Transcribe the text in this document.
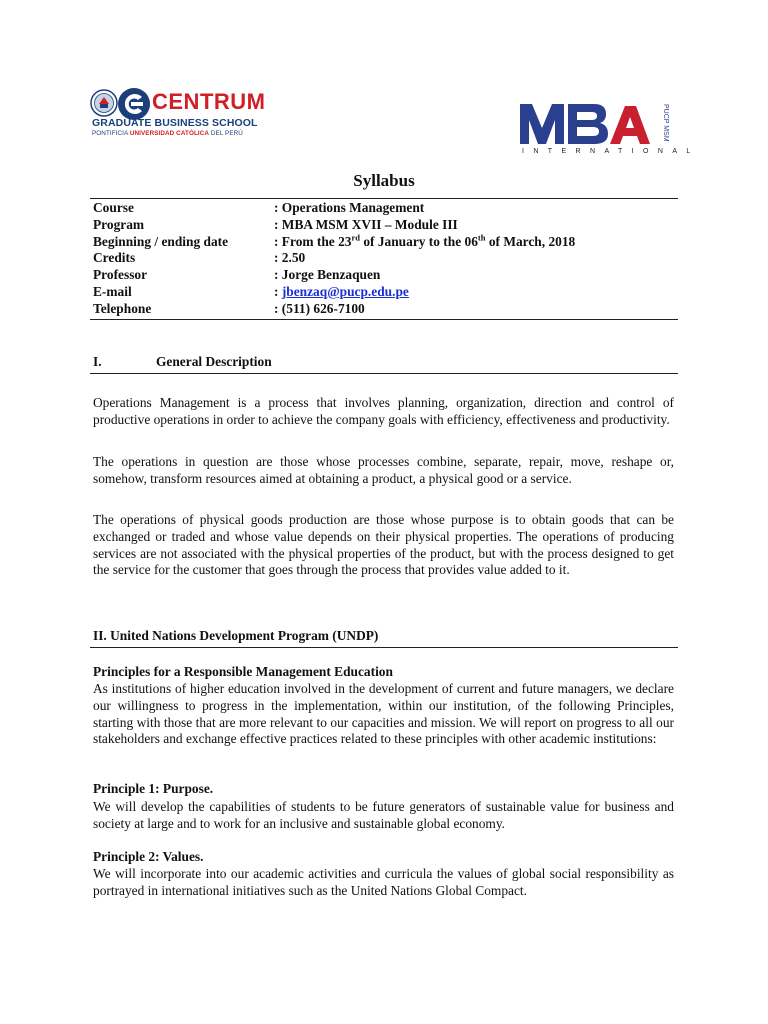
CENTRUM
GRADUATE BUSINESS SCHOOL
PONTIFICIA UNIVERSIDAD CATÓLICA DEL PERÚ	PUCP MSM
INTERNATIONAL
Syllabus
Course	: Operations Management
Program	: MBA MSM XVII – Module III
Beginning / ending date	: From the 23rd of January to the 06th of March, 2018
Credits	: 2.50
Professor	: Jorge Benzaquen
E-mail	: jbenzaq@pucp.edu.pe
Telephone	: (511) 626-7100
I.	General Description

Operations Management is a process that involves planning, organization, direction and control of productive operations in order to achieve the company goals with efficiency, effectiveness and productivity.

The operations in question are those whose processes combine, separate, repair, move, reshape or, somehow, transform resources aimed at obtaining a product, a physical good or a service.

The operations of physical goods production are those whose purpose is to obtain goods that can be exchanged or traded and whose value depends on their physical properties. The operations of producing services are not associated with the physical properties of the product, but with the process designed to get the service for the customer that goes through the process that provides value added to it.

II. United Nations Development Program (UNDP)
Principles for a Responsible Management Education

As institutions of higher education involved in the development of current and future managers, we declare our willingness to progress in the implementation, within our institution, of the following Principles, starting with those that are more relevant to our capacities and mission. We will report on progress to all our stakeholders and exchange effective practices related to these principles with other academic institutions:

Principle 1: Purpose.

We will develop the capabilities of students to be future generators of sustainable value for business and society at large and to work for an inclusive and sustainable global economy.

Principle 2: Values.

We will incorporate into our academic activities and curricula the values of global social responsibility as portrayed in international initiatives such as the United Nations Global Compact.
